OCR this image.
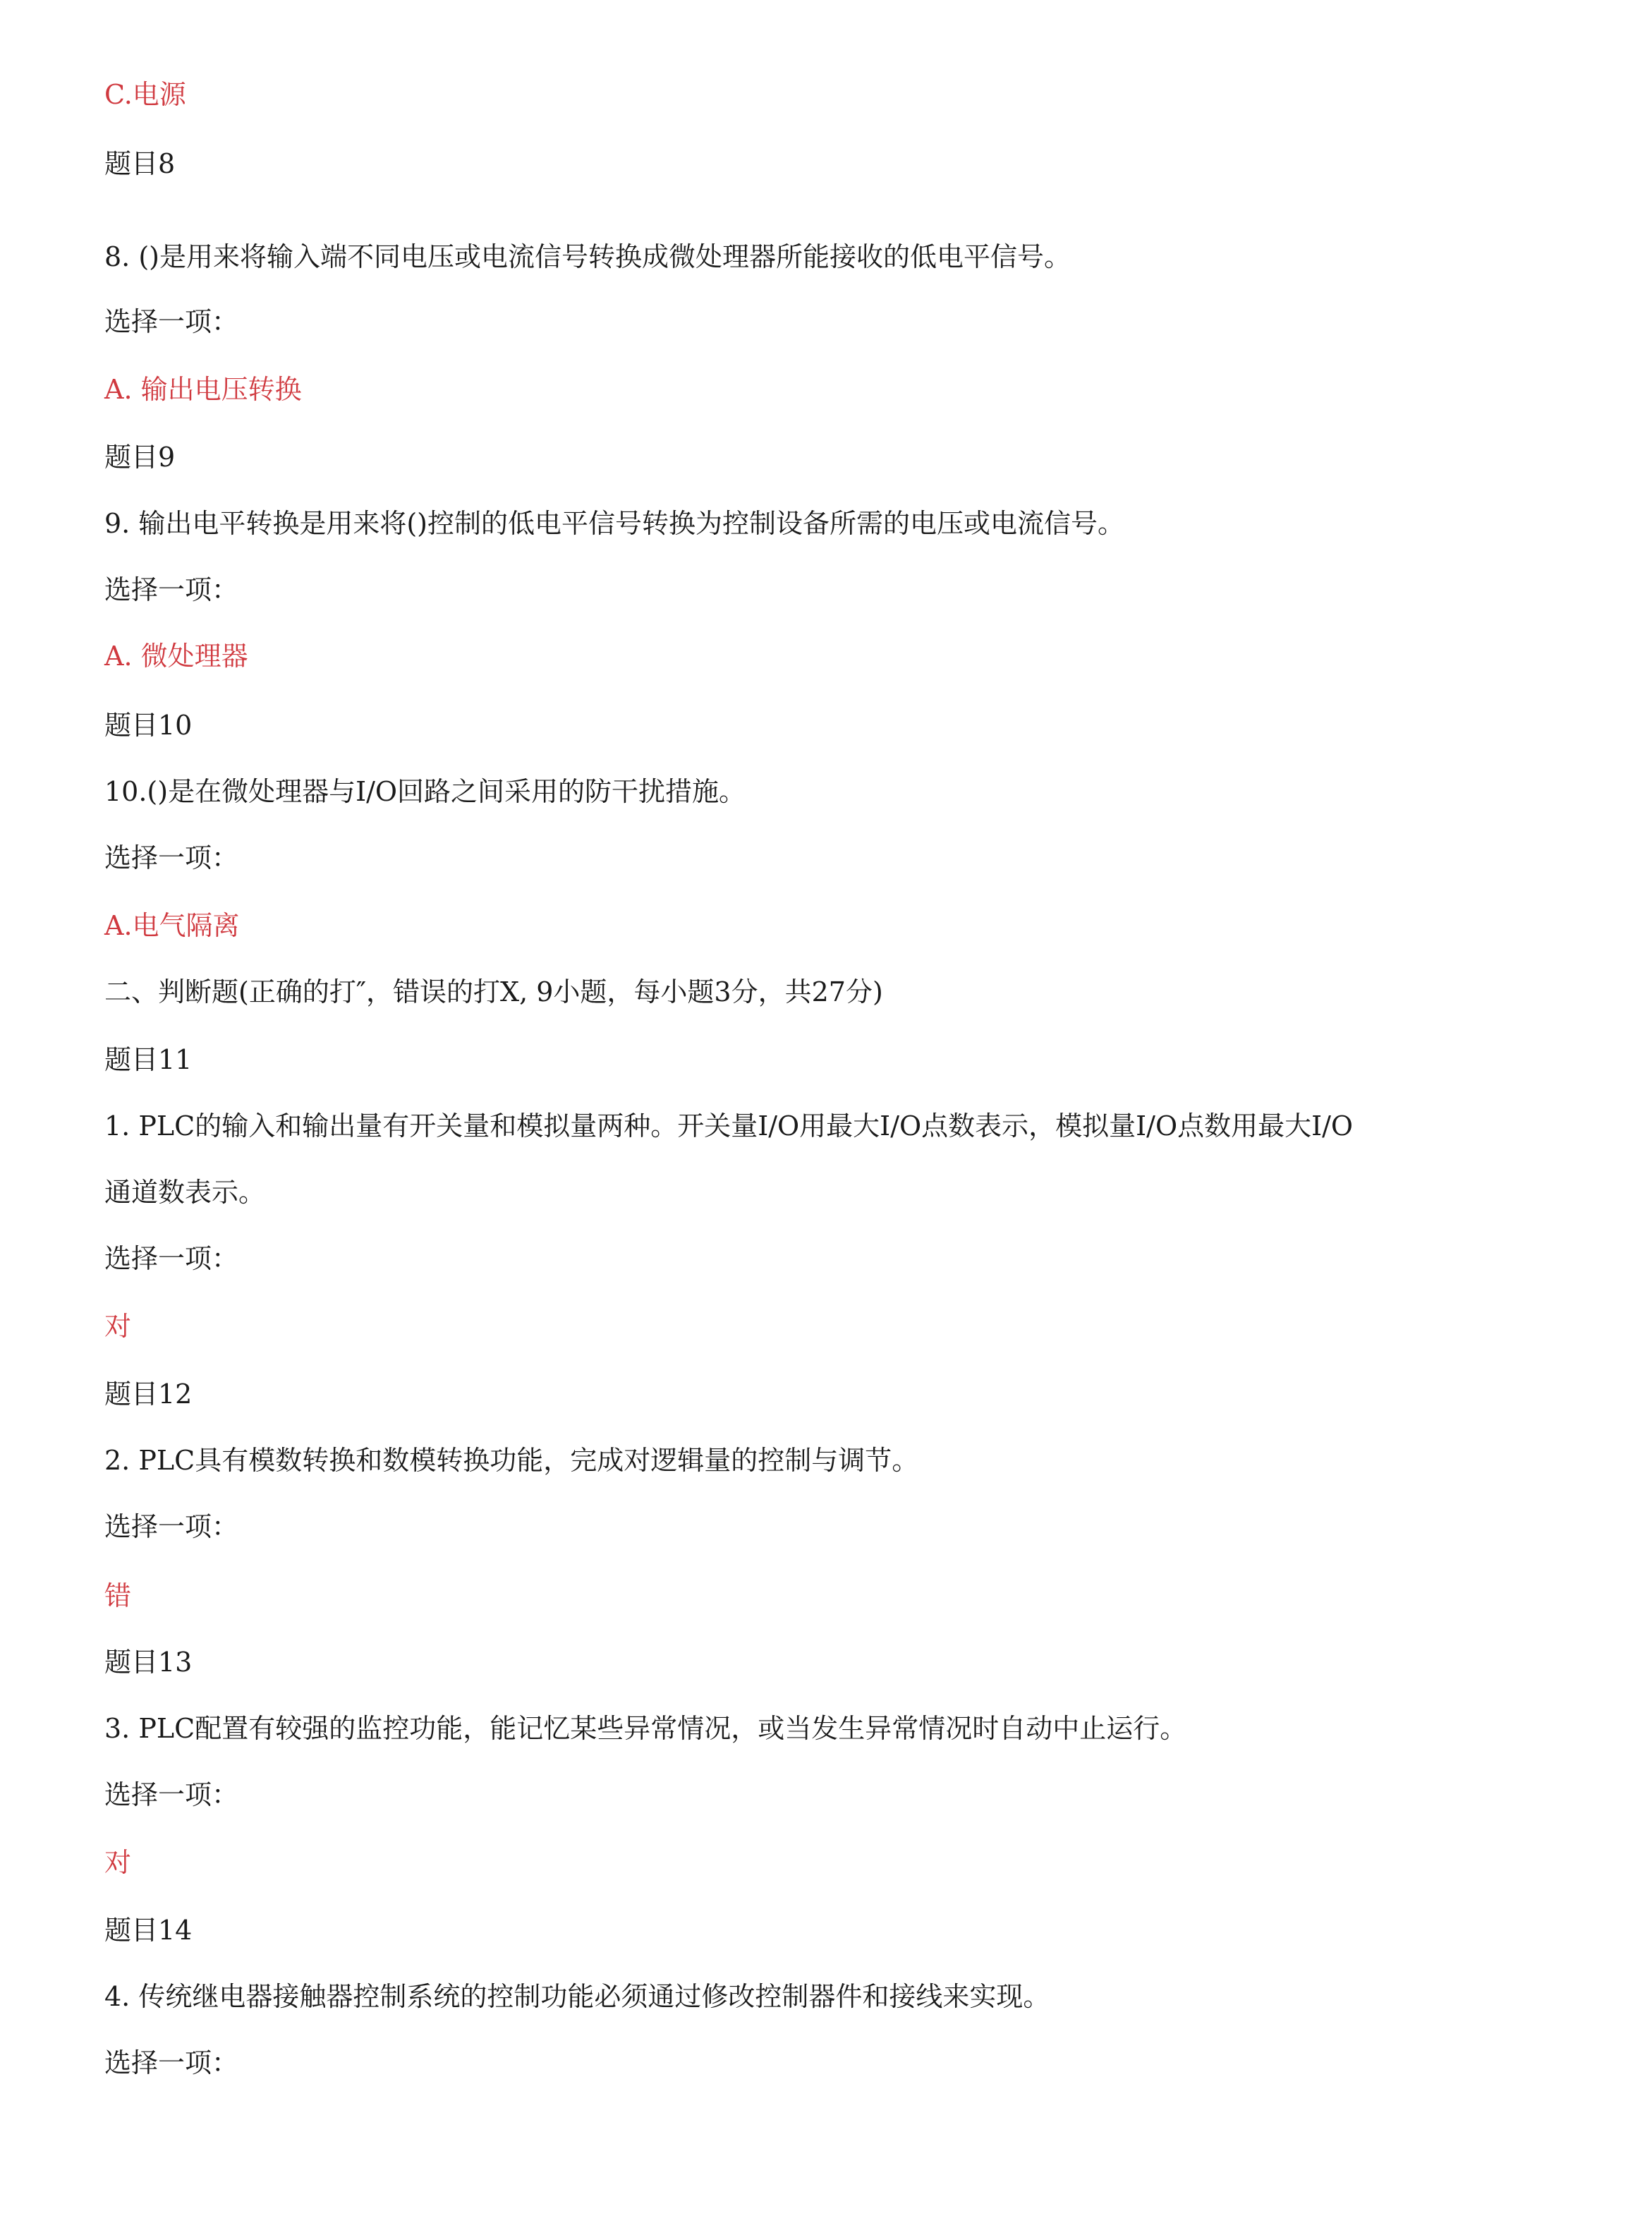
C.电源
题目8
8. ()是用来将输入端不同电压或电流信号转换成微处理器所能接收的低电平信号。
选择一项：
A. 输出电压转换
题目9
9. 输出电平转换是用来将()控制的低电平信号转换为控制设备所需的电压或电流信号。
选择一项：
A. 微处理器
题目10
10.()是在微处理器与I/O回路之间采用的防干扰措施。
选择一项：
A.电气隔离
二、判断题(正确的打″，错误的打X, 9小题，每小题3分，共27分)
题目11
1. PLC的输入和输出量有开关量和模拟量两种。开关量I/O用最大I/O点数表示，模拟量I/O点数用最大I/O
通道数表示。
选择一项：
对
题目12
2. PLC具有模数转换和数模转换功能，完成对逻辑量的控制与调节。
选择一项：
错
题目13
3. PLC配置有较强的监控功能，能记忆某些异常情况，或当发生异常情况时自动中止运行。
选择一项：
对
题目14
4. 传统继电器接触器控制系统的控制功能必须通过修改控制器件和接线来实现。
选择一项：
